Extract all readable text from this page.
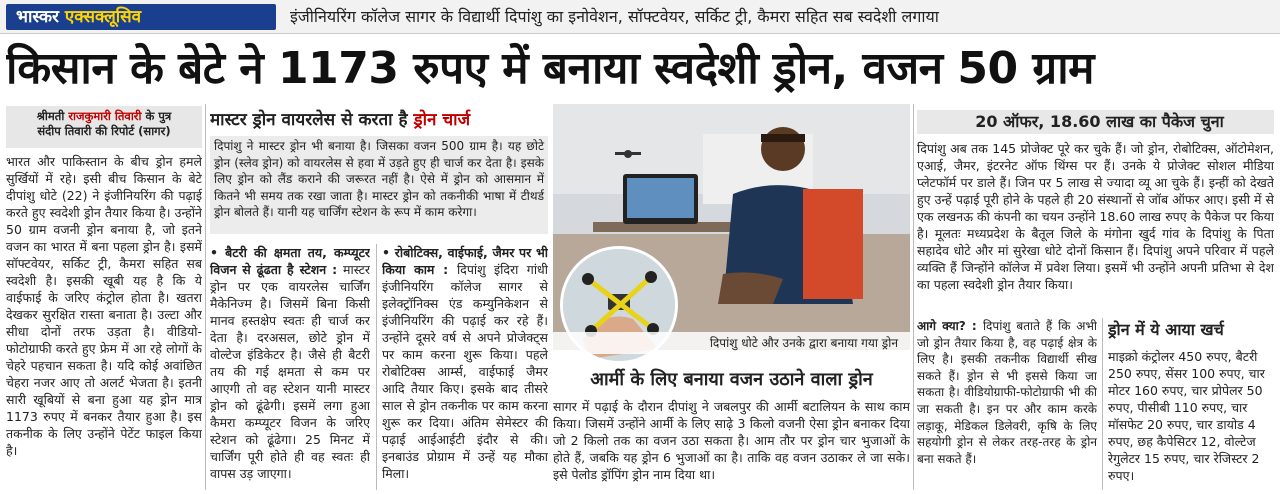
भास्कर एक्सक्लूसिव	इंजीनियरिंग कॉलेज सागर के विद्यार्थी दिपांशु का इनोवेशन, सॉफ्टवेयर, सर्किट ट्री, कैमरा सहित सब स्वदेशी लगाया
किसान के बेटे ने 1173 रुपए में बनाया स्वदेशी ड्रोन, वजन 50 ग्राम
श्रीमती राजकुमारी तिवारी के पुत्र
संदीप तिवारी की रिपोर्ट (सागर)
भारत और पाकिस्तान के बीच ड्रोन हमले सुर्खियों में रहे। इसी बीच किसान के बेटे दीपांशु धोटे (22) ने इंजीनियरिंग की पढ़ाई करते हुए स्वदेशी ड्रोन तैयार किया है। उन्होंने 50 ग्राम वजनी ड्रोन बनाया है, जो इतने वजन का भारत में बना पहला ड्रोन है। इसमें सॉफ्टवेयर, सर्किट ट्री, कैमरा सहित सब स्वदेशी है। इसकी खूबी यह है कि ये वाईफाई के जरिए कंट्रोल होता है। खतरा देखकर सुरक्षित रास्ता बनाता है। उल्टा और सीधा दोनों तरफ उड़ता है। वीडियो-फोटोग्राफी करते हुए फ्रेम में आ रहे लोगों के चेहरे पहचान सकता है। यदि कोई अवांछित चेहरा नजर आए तो अलर्ट भेजता है। इतनी सारी खूबियों से बना हुआ यह ड्रोन मात्र 1173 रुपए में बनकर तैयार हुआ है। इस तकनीक के लिए उन्होंने पेटेंट फाइल किया है।
मास्टर ड्रोन वायरलेस से करता है ड्रोन चार्ज
दिपांशु ने मास्टर ड्रोन भी बनाया है। जिसका वजन 500 ग्राम है। यह छोटे ड्रोन (स्लेव ड्रोन) को वायरलेस से हवा में उड़ते हुए ही चार्ज कर देता है। इसके लिए ड्रोन को लैंड कराने की जरूरत नहीं है। ऐसे में ड्रोन को आसमान में कितने भी समय तक रखा जाता है। मास्टर ड्रोन को तकनीकी भाषा में टीथर्ड ड्रोन बोलते हैं। यानी यह चार्जिंग स्टेशन के रूप में काम करेगा।
• बैटरी की क्षमता तय, कम्प्यूटर विजन से ढूंढता है स्टेशन : मास्टर ड्रोन पर एक वायरलेस चार्जिंग मैकेनिज्म है। जिसमें बिना किसी मानव हस्तक्षेप स्वतः ही चार्ज कर देता है। दरअसल, छोटे ड्रोन में वोल्टेज इंडिकेटर है। जैसे ही बैटरी तय की गई क्षमता से कम पर आएगी तो वह स्टेशन यानी मास्टर ड्रोन को ढूंढेगी। इसमें लगा हुआ कैमरा कम्प्यूटर विजन के जरिए स्टेशन को ढूंढेगा। 25 मिनट में चार्जिंग पूरी होते ही वह स्वतः ही वापस उड़ जाएगा।
• रोबोटिक्स, वाईफाई, जैमर पर भी किया काम : दिपांशु इंदिरा गांधी इंजीनियरिंग कॉलेज सागर से इलेक्ट्रॉनिक्स एंड कम्युनिकेशन से इंजीनियरिंग की पढ़ाई कर रहे हैं। उन्होंने दूसरे वर्ष से अपने प्रोजेक्ट्स पर काम करना शुरू किया। पहले रोबोटिक्स आर्म्स, वाईफाई जैमर आदि तैयार किए। इसके बाद तीसरे साल से ड्रोन तकनीक पर काम करना शुरू कर दिया। अंतिम सेमेस्टर की पढ़ाई आईआईटी इंदौर से की। इनबाउंड प्रोग्राम में उन्हें यह मौका मिला।
दिपांशु धोटे और उनके द्वारा बनाया गया ड्रोन
आर्मी के लिए बनाया वजन उठाने वाला ड्रोन
सागर में पढ़ाई के दौरान दीपांशु ने जबलपुर की आर्मी बटालियन के साथ काम किया। जिसमें उन्होंने आर्मी के लिए साढ़े 3 किलो वजनी ऐसा ड्रोन बनाकर दिया जो 2 किलो तक का वजन उठा सकता है। आम तौर पर ड्रोन चार भुजाओं के होते हैं, जबकि यह ड्रोन 6 भुजाओं का है। ताकि वह वजन उठाकर ले जा सके। इसे पेलोड ड्रॉपिंग ड्रोन नाम दिया था।
20 ऑफर, 18.60 लाख का पैकेज चुना
दिपांशु अब तक 145 प्रोजेक्ट पूरे कर चुके हैं। जो ड्रोन, रोबोटिक्स, ऑटोमेशन, एआई, जैमर, इंटरनेट ऑफ थिंग्स पर हैं। उनके ये प्रोजेक्ट सोशल मीडिया प्लेटफॉर्म पर डाले हैं। जिन पर 5 लाख से ज्यादा व्यू आ चुके हैं। इन्हीं को देखते हुए उन्हें पढ़ाई पूरी होने के पहले ही 20 संस्थानों से जॉब ऑफर आए। इसी में से एक लखनऊ की कंपनी का चयन उन्होंने 18.60 लाख रुपए के पैकेज पर किया है। मूलतः मध्यप्रदेश के बैतूल जिले के मंगोना खुर्द गांव के दिपांशु के पिता सहादेव धोटे और मां सुरेखा धोटे दोनों किसान हैं। दिपांशु अपने परिवार में पहले व्यक्ति हैं जिन्होंने कॉलेज में प्रवेश लिया। इसमें भी उन्होंने अपनी प्रतिभा से देश का पहला स्वदेशी ड्रोन तैयार किया।
आगे क्या? : दिपांशु बताते हैं कि अभी जो ड्रोन तैयार किया है, वह पढ़ाई क्षेत्र के लिए है। इसकी तकनीक विद्यार्थी सीख सकते हैं। ड्रोन से भी इससे किया जा सकता है। वीडियोग्राफी-फोटोग्राफी भी की जा सकती है। इन पर और काम करके लड़ाकू, मेडिकल डिलेवरी, कृषि के लिए सहयोगी ड्रोन से लेकर तरह-तरह के ड्रोन बना सकते हैं।
ड्रोन में ये आया खर्च
माइक्रो कंट्रोलर 450 रुपए, बैटरी 250 रुपए, सेंसर 100 रुपए, चार मोटर 160 रुपए, चार प्रोपेलर 50 रुपए, पीसीबी 110 रुपए, चार मॉसफेट 20 रुपए, चार डायोड 4 रुपए, छह कैपेसिटर 12, वोल्टेज रेगुलेटर 15 रुपए, चार रेजिस्टर 2 रुपए।
